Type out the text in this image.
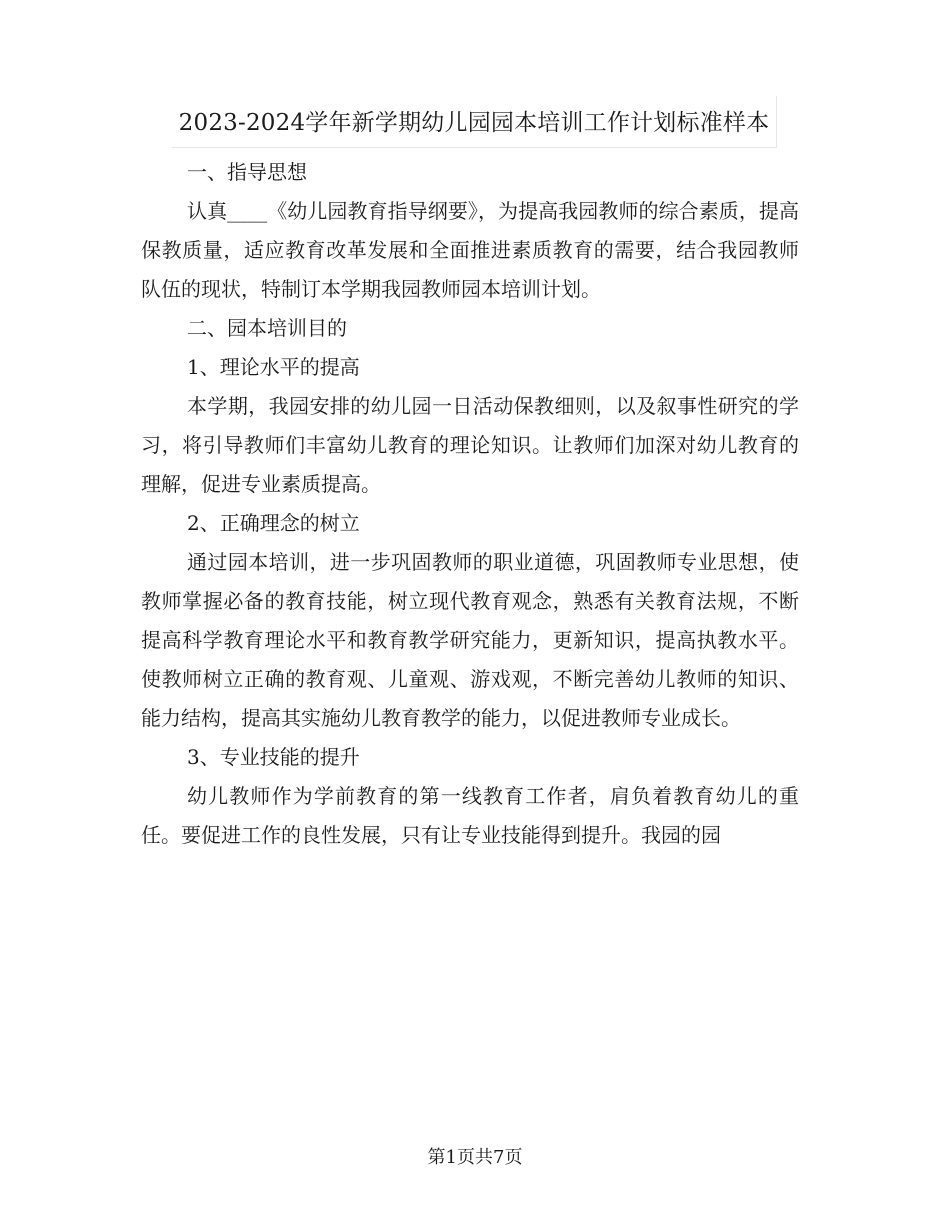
2023-2024学年新学期幼儿园园本培训工作计划标准样本

一、指导思想

认真____《幼儿园教育指导纲要》，为提高我园教师的综合素质，提高保教质量，适应教育改革发展和全面推进素质教育的需要，结合我园教师队伍的现状，特制订本学期我园教师园本培训计划。

二、园本培训目的

1、理论水平的提高

本学期，我园安排的幼儿园一日活动保教细则，以及叙事性研究的学习，将引导教师们丰富幼儿教育的理论知识。让教师们加深对幼儿教育的理解，促进专业素质提高。

2、正确理念的树立

通过园本培训，进一步巩固教师的职业道德，巩固教师专业思想，使教师掌握必备的教育技能，树立现代教育观念，熟悉有关教育法规，不断提高科学教育理论水平和教育教学研究能力，更新知识，提高执教水平。使教师树立正确的教育观、儿童观、游戏观，不断完善幼儿教师的知识、能力结构，提高其实施幼儿教育教学的能力，以促进教师专业成长。

3、专业技能的提升

幼儿教师作为学前教育的第一线教育工作者，肩负着教育幼儿的重任。要促进工作的良性发展，只有让专业技能得到提升。我园的园

第1页共7页
